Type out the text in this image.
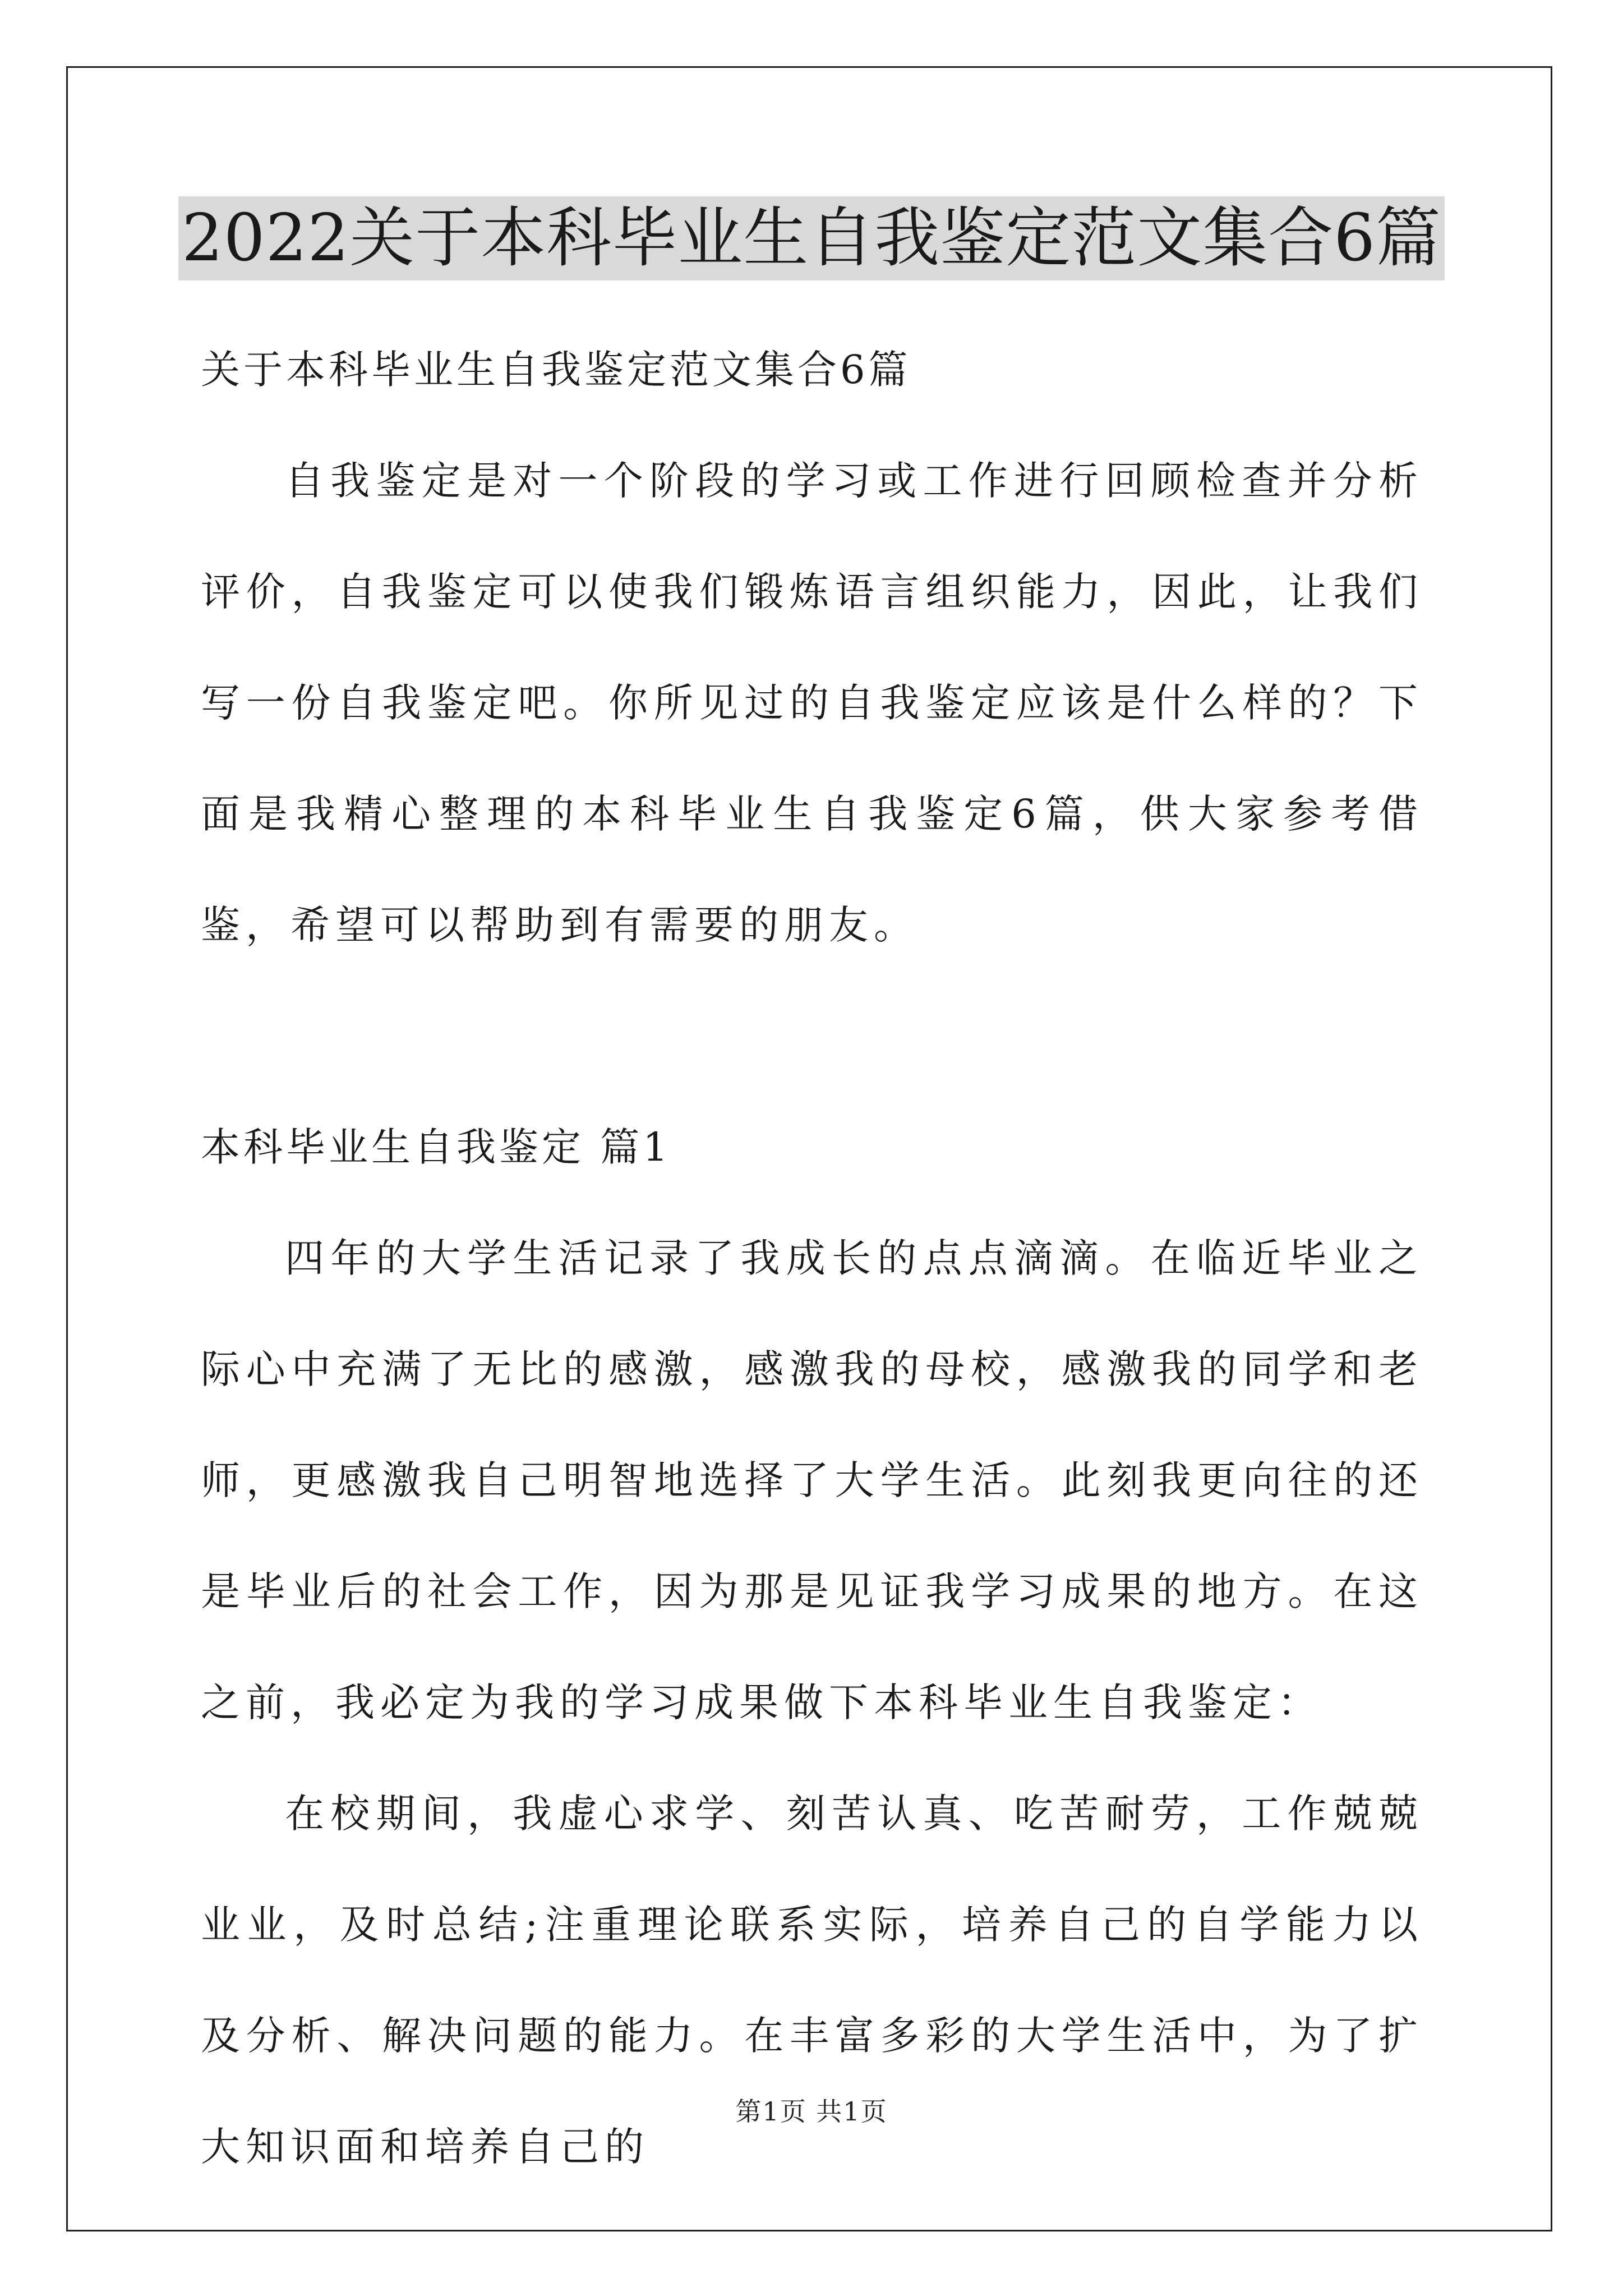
2022关于本科毕业生自我鉴定范文集合6篇

关于本科毕业生自我鉴定范文集合6篇

自我鉴定是对一个阶段的学习或工作进行回顾检查并分析评价，自我鉴定可以使我们锻炼语言组织能力，因此，让我们写一份自我鉴定吧。你所见过的自我鉴定应该是什么样的？下面是我精心整理的本科毕业生自我鉴定6篇，供大家参考借鉴，希望可以帮助到有需要的朋友。

本科毕业生自我鉴定 篇1

四年的大学生活记录了我成长的点点滴滴。在临近毕业之际心中充满了无比的感激，感激我的母校，感激我的同学和老师，更感激我自己明智地选择了大学生活。此刻我更向往的还是毕业后的社会工作，因为那是见证我学习成果的地方。在这之前，我必定为我的学习成果做下本科毕业生自我鉴定：

在校期间，我虚心求学、刻苦认真、吃苦耐劳，工作兢兢业业，及时总结;注重理论联系实际，培养自己的自学能力以及分析、解决问题的能力。在丰富多彩的大学生活中，为了扩大知识面和培养自己的

第1页 共1页
